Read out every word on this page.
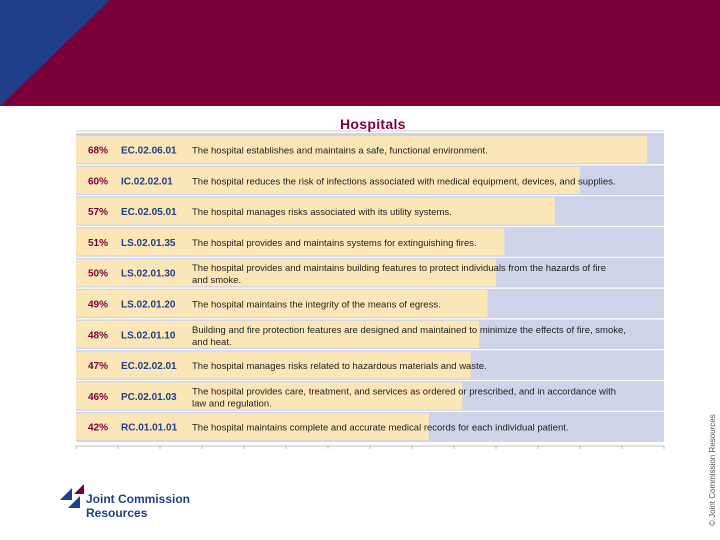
Hospitals
68% EC.02.06.01 The hospital establishes and maintains a safe, functional environment.
60% IC.02.02.01 The hospital reduces the risk of infections associated with medical equipment, devices, and supplies.
57% EC.02.05.01 The hospital manages risks associated with its utility systems.
51% LS.02.01.35 The hospital provides and maintains systems for extinguishing fires.
50% LS.02.01.30 The hospital provides and maintains building features to protect individuals from the hazards of fire
and smoke.
49% LS.02.01.20 The hospital maintains the integrity of the means of egress.
48% LS.02.01.10 Building and fire protection features are designed and maintained to minimize the effects of fire, smoke,
and heat.
47% EC.02.02.01 The hospital manages risks related to hazardous materials and waste.
46% PC.02.01.03 The hospital provides care, treatment, and services as ordered or prescribed, and in accordance with
law and regulation.
42% RC.01.01.01 The hospital maintains complete and accurate medical records for each individual patient.	© Joint Commission Resources
Joint Commission
Resources
